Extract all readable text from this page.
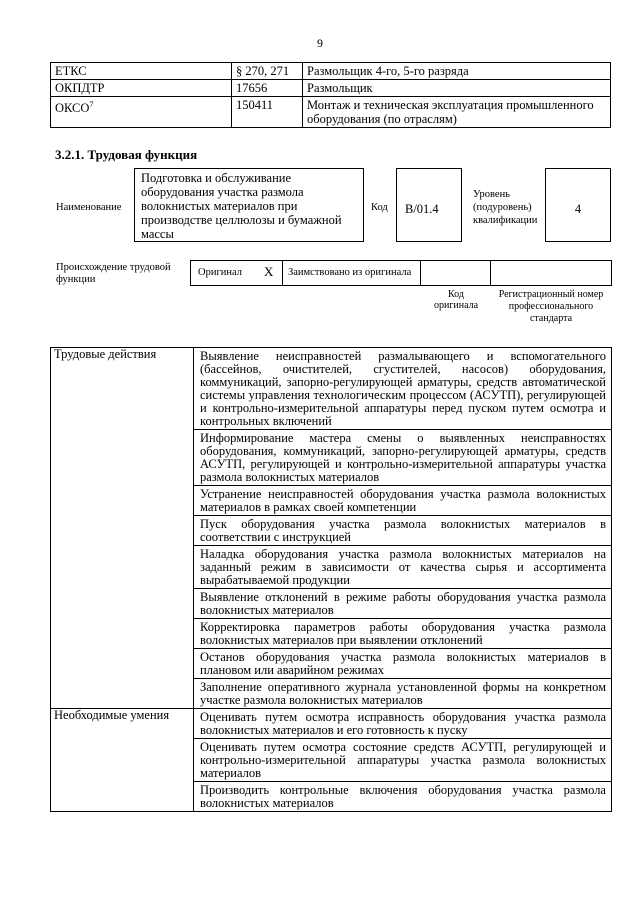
9
ЕТКС	§ 270, 271	Размольщик 4-го, 5-го разряда
ОКПДТР	17656	Размольщик
ОКСО$^7$	150411	Монтаж и техническая эксплуатация промышленного оборудования (по отраслям)
3.2.1. Трудовая функция
Наименование
Подготовка и обслуживание оборудования участка размола волокнистых материалов при производстве целлюлозы и бумажной массы
Код	B/01.4
Уровень (подуровень) квалификации
4
Происхождение трудовой функции
Оригинал X Заимствовано из оригинала
Код оригинала
Регистрационный номер профессионального стандарта
Трудовые действия	Выявление неисправностей размалывающего и вспомогательного (бассейнов, очистителей, сгустителей, насосов) оборудования, коммуникаций, запорно-регулирующей арматуры, средств автоматической системы управления технологическим процессом (АСУТП), регулирующей и контрольно-измерительной аппаратуры перед пуском путем осмотра и контрольных включений
	Информирование мастера смены о выявленных неисправностях оборудования, коммуникаций, запорно-регулирующей арматуры, средств АСУТП, регулирующей и контрольно-измерительной аппаратуры участка размола волокнистых материалов
	Устранение неисправностей оборудования участка размола волокнистых материалов в рамках своей компетенции
	Пуск оборудования участка размола волокнистых материалов в соответствии с инструкцией
	Наладка оборудования участка размола волокнистых материалов на заданный режим в зависимости от качества сырья и ассортимента вырабатываемой продукции
	Выявление отклонений в режиме работы оборудования участка размола волокнистых материалов
	Корректировка параметров работы оборудования участка размола волокнистых материалов при выявлении отклонений
	Останов оборудования участка размола волокнистых материалов в плановом или аварийном режимах
	Заполнение оперативного журнала установленной формы на конкретном участке размола волокнистых материалов
Необходимые умения	Оценивать путем осмотра исправность оборудования участка размола волокнистых материалов и его готовность к пуску
	Оценивать путем осмотра состояние средств АСУТП, регулирующей и контрольно-измерительной аппаратуры участка размола волокнистых материалов
	Производить контрольные включения оборудования участка размола волокнистых материалов
